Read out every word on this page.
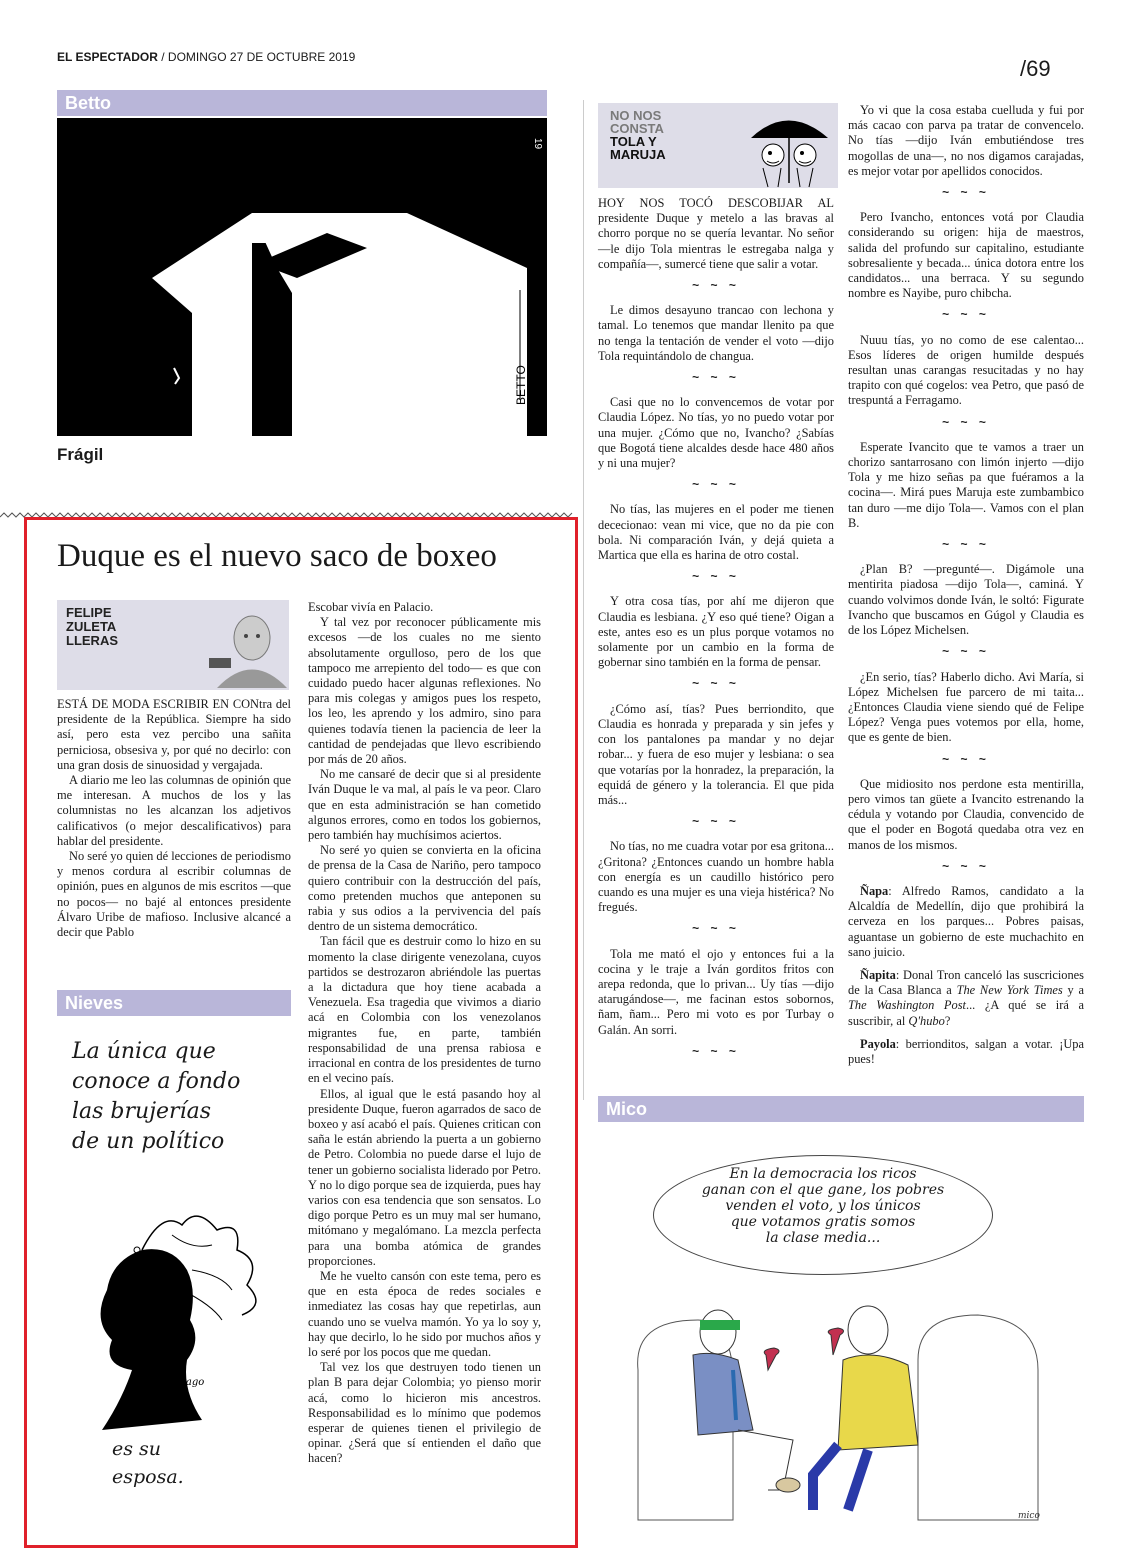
EL ESPECTADOR / DOMINGO 27 DE OCTUBRE 2019	/69
Betto
19
BETTO
Frágil
Duque es el nuevo saco de boxeo
FELIPE
ZULETA
LLERAS

ESTÁ DE MODA ESCRIBIR EN CONtra del presidente de la República. Siempre ha sido así, pero esta vez percibo una sañita perniciosa, obsesiva y, por qué no decirlo: con una gran dosis de sinuosidad y vergajada.

A diario me leo las columnas de opinión que me interesan. A muchos de los y las columnistas no les alcanzan los adjetivos calificativos (o mejor descalificativos) para hablar del presidente.

No seré yo quien dé lecciones de periodismo y menos cordura al escribir columnas de opinión, pues en algunos de mis escritos —que no pocos— no bajé al entonces presidente Álvaro Uribe de mafioso. Inclusive alcancé a decir que Pablo

Nieves
La única que
conoce a fondo
las brujerías
de un político
e. Lago
es su
esposa.

Escobar vivía en Palacio.

Y tal vez por reconocer públicamente mis excesos —de los cuales no me siento absolutamente orgulloso, pero de los que tampoco me arrepiento del todo— es que con cuidado puedo hacer algunas reflexiones. No para mis colegas y amigos pues los respeto, los leo, les aprendo y los admiro, sino para quienes todavía tienen la paciencia de leer la cantidad de pendejadas que llevo escribiendo por más de 20 años.

No me cansaré de decir que si al presidente Iván Duque le va mal, al país le va peor. Claro que en esta administración se han cometido algunos errores, como en todos los gobiernos, pero también hay muchísimos aciertos.

No seré yo quien se convierta en la oficina de prensa de la Casa de Nariño, pero tampoco quiero contribuir con la destrucción del país, como pretenden muchos que anteponen su rabia y sus odios a la pervivencia del país dentro de un sistema democrático.

Tan fácil que es destruir como lo hizo en su momento la clase dirigente venezolana, cuyos partidos se destrozaron abriéndole las puertas a la dictadura que hoy tiene acabada a Venezuela. Esa tragedia que vivimos a diario acá en Colombia con los venezolanos migrantes fue, en parte, también responsabilidad de una prensa rabiosa e irracional en contra de los presidentes de turno en el vecino país.

Ellos, al igual que le está pasando hoy al presidente Duque, fueron agarrados de saco de boxeo y así acabó el país. Quienes critican con saña le están abriendo la puerta a un gobierno de Petro. Colombia no puede darse el lujo de tener un gobierno socialista liderado por Petro. Y no lo digo porque sea de izquierda, pues hay varios con esa tendencia que son sensatos. Lo digo porque Petro es un muy mal ser humano, mitómano y megalómano. La mezcla perfecta para una bomba atómica de grandes proporciones.

Me he vuelto cansón con este tema, pero es que en esta época de redes sociales e inmediatez las cosas hay que repetirlas, aun cuando uno se vuelva mamón. Yo ya lo soy y, hay que decirlo, lo he sido por muchos años y lo seré por los pocos que me quedan.

Tal vez los que destruyen todo tienen un plan B para dejar Colombia; yo pienso morir acá, como lo hicieron mis ancestros. Responsabilidad es lo mínimo que podemos esperar de quienes tienen el privilegio de opinar. ¿Será que sí entienden el daño que hacen?

NO NOS
CONSTA
TOLA Y
MARUJA

HOY NOS TOCÓ DESCOBIJAR AL presidente Duque y metelo a las bravas al chorro porque no se quería levantar. No señor —le dijo Tola mientras le estregaba nalga y compañía—, sumercé tiene que salir a votar.

~ ~ ~

Le dimos desayuno trancao con lechona y tamal. Lo tenemos que mandar llenito pa que no tenga la tentación de vender el voto —dijo Tola requintándolo de changua.

~ ~ ~

Casi que no lo convencemos de votar por Claudia López. No tías, yo no puedo votar por una mujer. ¿Cómo que no, Ivancho? ¿Sabías que Bogotá tiene alcaldes desde hace 480 años y ni una mujer?

~ ~ ~

No tías, las mujeres en el poder me tienen dececionao: vean mi vice, que no da pie con bola. Ni comparación Iván, y dejá quieta a Martica que ella es harina de otro costal.

~ ~ ~

Y otra cosa tías, por ahí me dijeron que Claudia es lesbiana. ¿Y eso qué tiene? Oigan a este, antes eso es un plus porque votamos no solamente por un cambio en la forma de gobernar sino también en la forma de pensar.

~ ~ ~

¿Cómo así, tías? Pues berriondito, que Claudia es honrada y preparada y sin jefes y con los pantalones pa mandar y no dejar robar... y fuera de eso mujer y lesbiana: o sea que votarías por la honradez, la preparación, la equidá de género y la tolerancia. El que pida más...

~ ~ ~

No tías, no me cuadra votar por esa gritona... ¿Gritona? ¿Entonces cuando un hombre habla con energía es un caudillo histórico pero cuando es una mujer es una vieja histérica? No fregués.

~ ~ ~

Tola me mató el ojo y entonces fui a la cocina y le traje a Iván gorditos fritos con arepa redonda, que lo privan... Uy tías —dijo atarugándose—, me facinan estos sobornos, ñam, ñam... Pero mi voto es por Turbay o Galán. An sorri.

~ ~ ~

Yo vi que la cosa estaba cuelluda y fui por más cacao con parva pa tratar de convencelo. No tías —dijo Iván embutiéndose tres mogollas de una—, no nos digamos carajadas, es mejor votar por apellidos conocidos.

~ ~ ~

Pero Ivancho, entonces votá por Claudia considerando su origen: hija de maestros, salida del profundo sur capitalino, estudiante sobresaliente y becada... única dotora entre los candidatos... una berraca. Y su segundo nombre es Nayibe, puro chibcha.

~ ~ ~

Nuuu tías, yo no como de ese calentao... Esos líderes de origen humilde después resultan unas carangas resucitadas y no hay trapito con qué cogelos: vea Petro, que pasó de trespuntá a Ferragamo.

~ ~ ~

Esperate Ivancito que te vamos a traer un chorizo santarrosano con limón injerto —dijo Tola y me hizo señas pa que fuéramos a la cocina—. Mirá pues Maruja este zumbambico tan duro —me dijo Tola—. Vamos con el plan B.

~ ~ ~

¿Plan B? —pregunté—. Digámole una mentirita piadosa —dijo Tola—, caminá. Y cuando volvimos donde Iván, le soltó: Figurate Ivancho que buscamos en Gúgol y Claudia es de los López Michelsen.

~ ~ ~

¿En serio, tías? Haberlo dicho. Avi María, si López Michelsen fue parcero de mi taita... ¿Entonces Claudia viene siendo qué de Felipe López? Venga pues votemos por ella, home, que es gente de bien.

~ ~ ~

Que midiosito nos perdone esta mentirilla, pero vimos tan güete a Ivancito estrenando la cédula y votando por Claudia, convencido de que el poder en Bogotá quedaba otra vez en manos de los mismos.

~ ~ ~

Ñapa: Alfredo Ramos, candidato a la Alcaldía de Medellín, dijo que prohibirá la cerveza en los parques... Pobres paisas, aguantase un gobierno de este muchachito en sano juicio.

Ñapita: Donal Tron canceló las suscriciones de la Casa Blanca a The New York Times y a The Washington Post... ¿A qué se irá a suscribir, al Q'hubo?

Payola: berrionditos, salgan a votar. ¡Upa pues!

Mico
En la democracia los ricos
ganan con el que gane, los pobres
venden el voto, y los únicos
que votamos gratis somos
la clase media...
mico
